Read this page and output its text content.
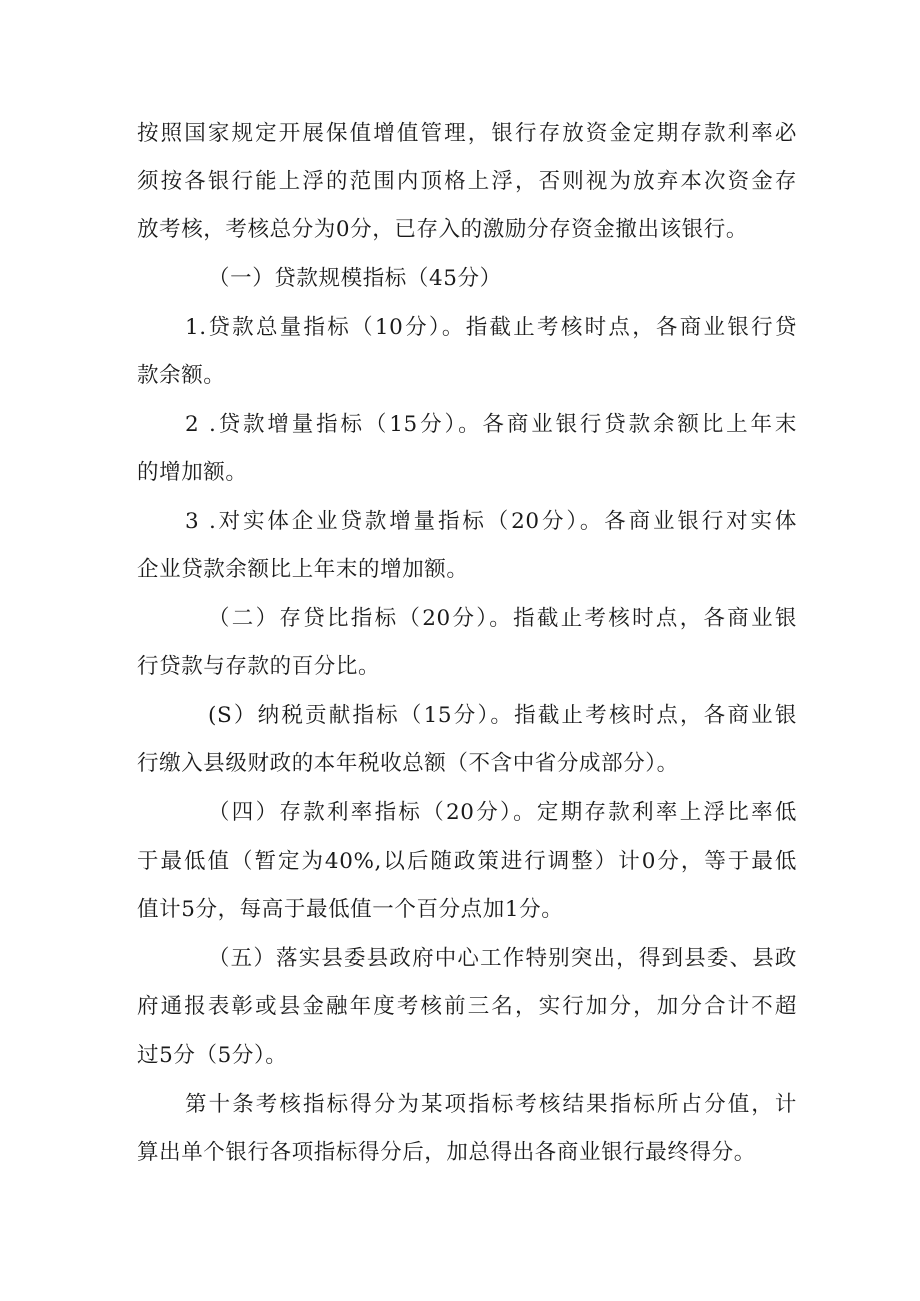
按照国家规定开展保值增值管理，银行存放资金定期存款利率必
须按各银行能上浮的范围内顶格上浮，否则视为放弃本次资金存
放考核，考核总分为0分，已存入的激励分存资金撤出该银行。
（一）贷款规模指标（45分）
1.贷款总量指标（10分）。指截止考核时点，各商业银行贷
款余额。
2 .贷款增量指标（15分）。各商业银行贷款余额比上年末
的增加额。
3 .对实体企业贷款增量指标（20分）。各商业银行对实体
企业贷款余额比上年末的增加额。
（二）存贷比指标（20分）。指截止考核时点，各商业银
行贷款与存款的百分比。
(S）纳税贡献指标（15分）。指截止考核时点，各商业银
行缴入县级财政的本年税收总额（不含中省分成部分）。
（四）存款利率指标（20分）。定期存款利率上浮比率低
于最低值（暂定为40%,以后随政策进行调整）计0分，等于最低
值计5分，每高于最低值一个百分点加1分。
（五）落实县委县政府中心工作特别突出，得到县委、县政
府通报表彰或县金融年度考核前三名，实行加分，加分合计不超
过5分（5分）。
第十条考核指标得分为某项指标考核结果指标所占分值，计
算出单个银行各项指标得分后，加总得出各商业银行最终得分。
